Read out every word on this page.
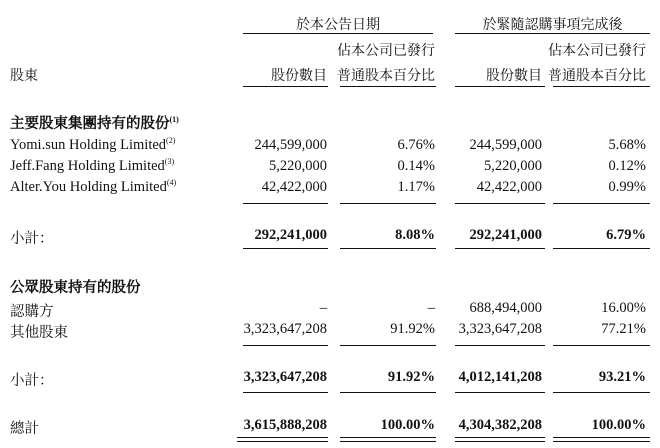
於本公告日期	於緊隨認購事項完成後
佔本公司已發行	佔本公司已發行
股東	股份數目 普通股本百分比	股份數目 普通股本百分比
主要股東集團持有的股份$^{(1)}$
Yomi.sun Holding Limited$^{(2)}$	244,599,000	6.76% 244,599,000	5.68%
Jeff.Fang Holding Limited$^{(3)}$	5,220,000	0.14%	5,220,000	0.12%
Alter.You Holding Limited$^{(4)}$	42,422,000	1.17%	42,422,000	0.99%
小計：	292,241,000	8.08% 292,241,000	6.79%
公眾股東持有的股份
認購方	–	– 688,494,000	16.00%
其他股東	3,323,647,208	91.92% 3,323,647,208	77.21%
小計：	3,323,647,208	91.92% 4,012,141,208	93.21%
總計	3,615,888,208	100.00% 4,304,382,208	100.00%
